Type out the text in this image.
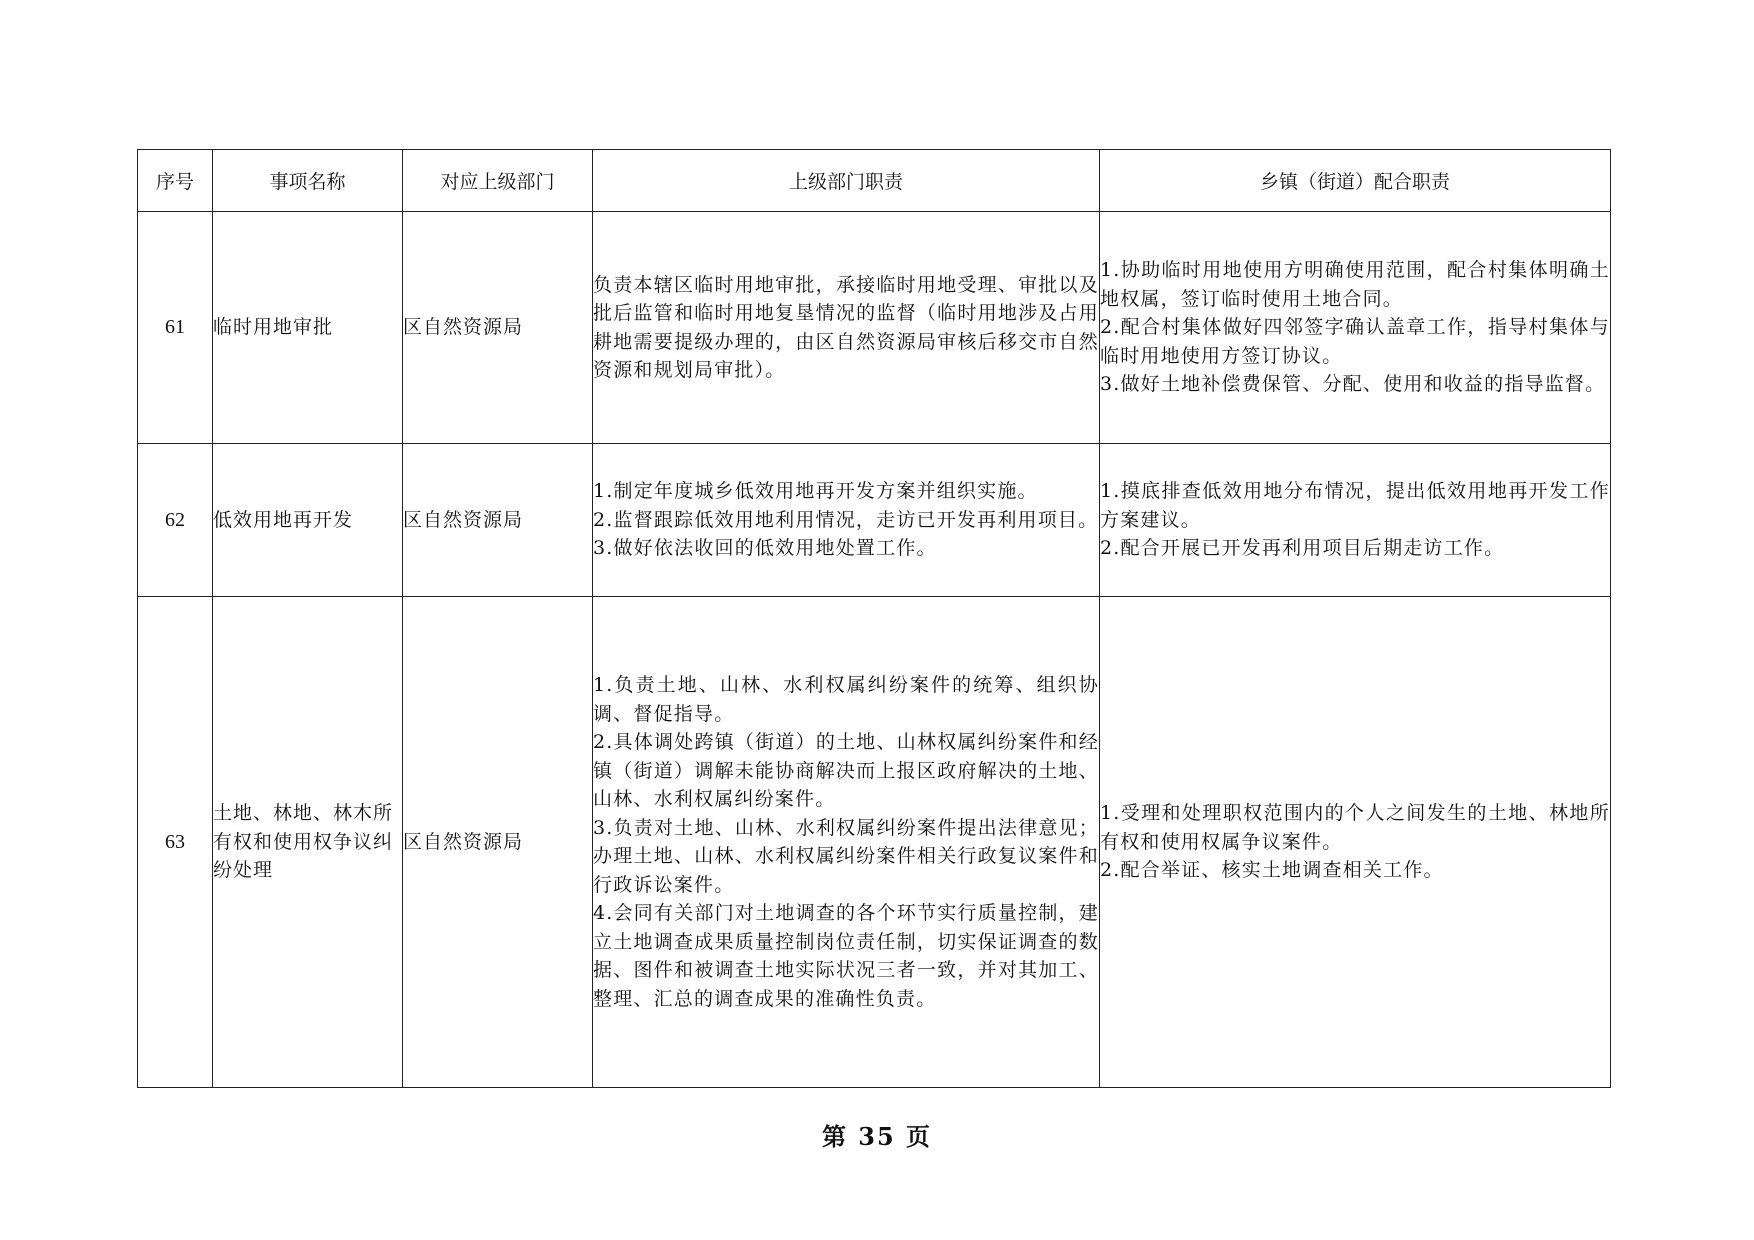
序号	事项名称	对应上级部门	上级部门职责	乡镇（街道）配合职责
61	临时用地审批	区自然资源局	负责本辖区临时用地审批，承接临时用地受理、审批以及批后监管和临时用地复垦情况的监督（临时用地涉及占用耕地需要提级办理的，由区自然资源局审核后移交市自然资源和规划局审批）。	1.协助临时用地使用方明确使用范围，配合村集体明确土地权属，签订临时使用土地合同。
2.配合村集体做好四邻签字确认盖章工作，指导村集体与临时用地使用方签订协议。
3.做好土地补偿费保管、分配、使用和收益的指导监督。

62	低效用地再开发	区自然资源局	1.制定年度城乡低效用地再开发方案并组织实施。
2.监督跟踪低效用地利用情况，走访已开发再利用项目。
3.做好依法收回的低效用地处置工作。	1.摸底排查低效用地分布情况，提出低效用地再开发工作方案建议。
2.配合开展已开发再利用项目后期走访工作。

63	土地、林地、林木所有权和使用权争议纠纷处理	区自然资源局	1.负责土地、山林、水利权属纠纷案件的统筹、组织协调、督促指导。
2.具体调处跨镇（街道）的土地、山林权属纠纷案件和经镇（街道）调解未能协商解决而上报区政府解决的土地、山林、水利权属纠纷案件。
3.负责对土地、山林、水利权属纠纷案件提出法律意见；办理土地、山林、水利权属纠纷案件相关行政复议案件和行政诉讼案件。
4.会同有关部门对土地调查的各个环节实行质量控制，建立土地调查成果质量控制岗位责任制，切实保证调查的数据、图件和被调查土地实际状况三者一致，并对其加工、整理、汇总的调查成果的准确性负责。	1.受理和处理职权范围内的个人之间发生的土地、林地所有权和使用权属争议案件。
2.配合举证、核实土地调查相关工作。
第 35 页
